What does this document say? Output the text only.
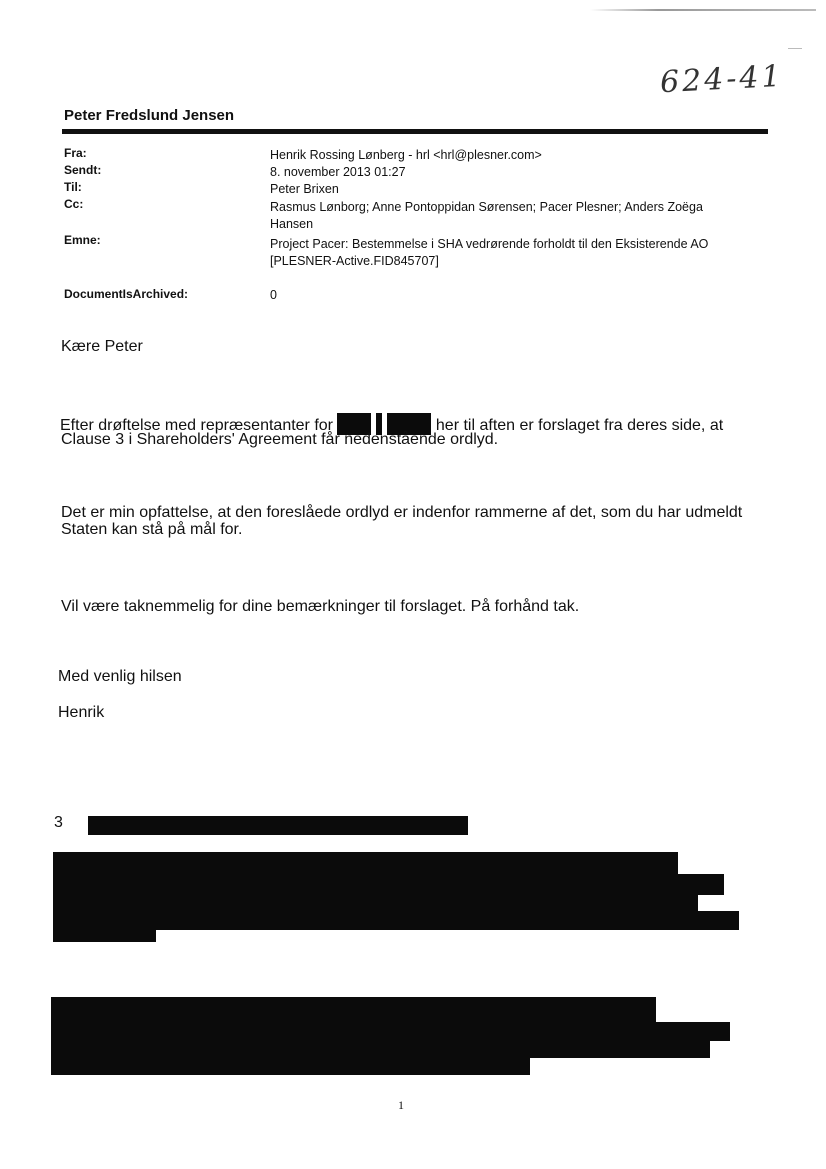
624-41
Peter Fredslund Jensen
Fra:	Henrik Rossing Lønberg - hrl <hrl@plesner.com>
Sendt:	8. november 2013 01:27
Til:	Peter Brixen
Cc:	Rasmus Lønborg; Anne Pontoppidan Sørensen; Pacer Plesner; Anders Zoëga Hansen
Emne:	Project Pacer: Bestemmelse i SHA vedrørende forholdt til den Eksisterende AO [PLESNER-Active.FID845707]
DocumentIsArchived:	0
Kære Peter
Efter drøftelse med repræsentanter for	her til aften er forslaget fra deres side, at
Clause 3 i Shareholders' Agreement får nedenstående ordlyd.
Det er min opfattelse, at den foreslåede ordlyd er indenfor rammerne af det, som du har udmeldt Staten kan stå på mål for.
Vil være taknemmelig for dine bemærkninger til forslaget. På forhånd tak.
Med venlig hilsen
Henrik
3
1
